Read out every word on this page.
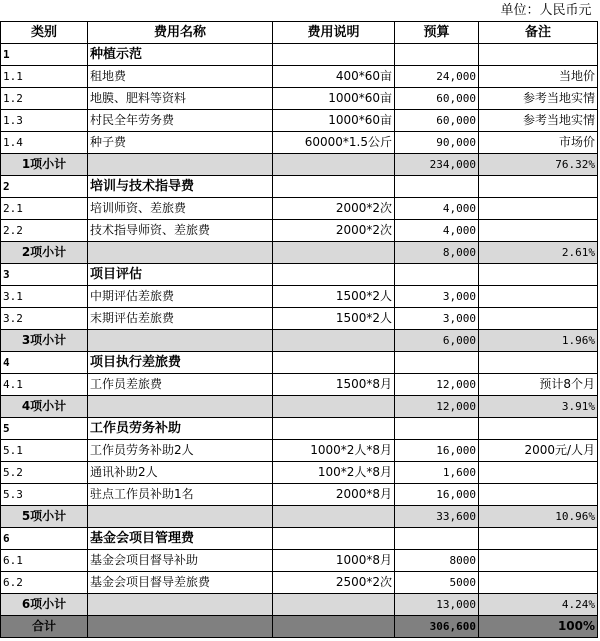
单位：人民币元				
类别	费用名称	费用说明	预算	备注
1	种植示范			
1.1	租地费	400*60亩	24,000	当地价
1.2	地膜、肥料等资料	1000*60亩	60,000	参考当地实情
1.3	村民全年劳务费	1000*60亩	60,000	参考当地实情
1.4	种子费	60000*1.5公斤	90,000	市场价
1项小计			234,000	76.32%
2	培训与技术指导费			
2.1	培训师资、差旅费	2000*2次	4,000	
2.2	技术指导师资、差旅费	2000*2次	4,000	
2项小计			8,000	2.61%
3	项目评估			
3.1	中期评估差旅费	1500*2人	3,000	
3.2	末期评估差旅费	1500*2人	3,000	
3项小计			6,000	1.96%
4	项目执行差旅费			
4.1	工作员差旅费	1500*8月	12,000	预计8个月
4项小计			12,000	3.91%
5	工作员劳务补助			
5.1	工作员劳务补助2人	1000*2人*8月	16,000	2000元/人月
5.2	通讯补助2人	100*2人*8月	1,600	
5.3	驻点工作员补助1名	2000*8月	16,000	
5项小计			33,600	10.96%
6	基金会项目管理费			
6.1	基金会项目督导补助	1000*8月	8000	
6.2	基金会项目督导差旅费	2500*2次	5000	
6项小计			13,000	4.24%
合计			306,600	100%
